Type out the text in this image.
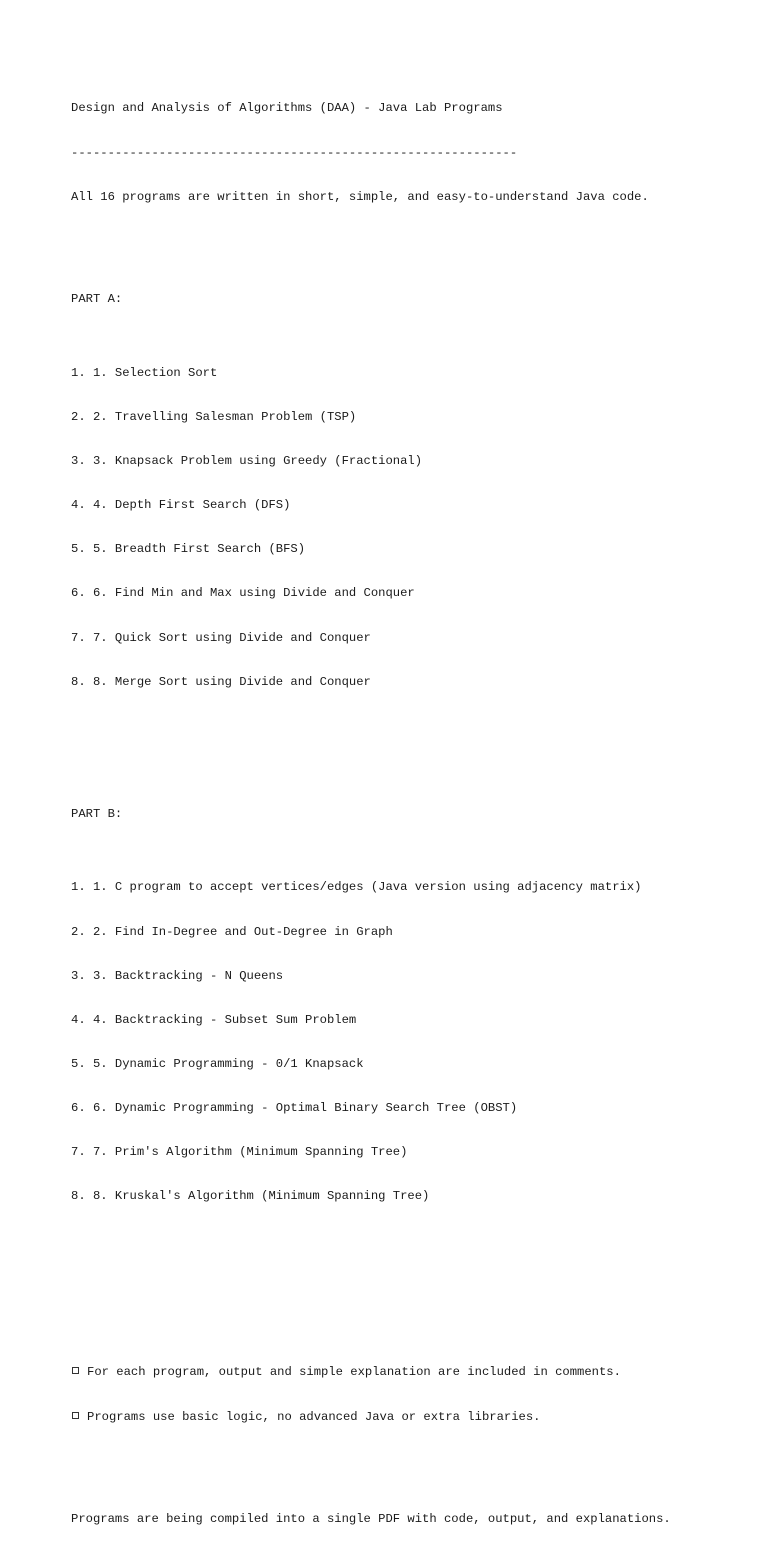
Design and Analysis of Algorithms (DAA) - Java Lab Programs

-------------------------------------------------------------

All 16 programs are written in short, simple, and easy-to-understand Java code.

PART A:

1. 1. Selection Sort

2. 2. Travelling Salesman Problem (TSP)

3. 3. Knapsack Problem using Greedy (Fractional)

4. 4. Depth First Search (DFS)

5. 5. Breadth First Search (BFS)

6. 6. Find Min and Max using Divide and Conquer

7. 7. Quick Sort using Divide and Conquer

8. 8. Merge Sort using Divide and Conquer

PART B:

1. 1. C program to accept vertices/edges (Java version using adjacency matrix)

2. 2. Find In-Degree and Out-Degree in Graph

3. 3. Backtracking - N Queens

4. 4. Backtracking - Subset Sum Problem

5. 5. Dynamic Programming - 0/1 Knapsack

6. 6. Dynamic Programming - Optimal Binary Search Tree (OBST)

7. 7. Prim's Algorithm (Minimum Spanning Tree)

8. 8. Kruskal's Algorithm (Minimum Spanning Tree)

For each program, output and simple explanation are included in comments.

Programs use basic logic, no advanced Java or extra libraries.

Programs are being compiled into a single PDF with code, output, and explanations.
